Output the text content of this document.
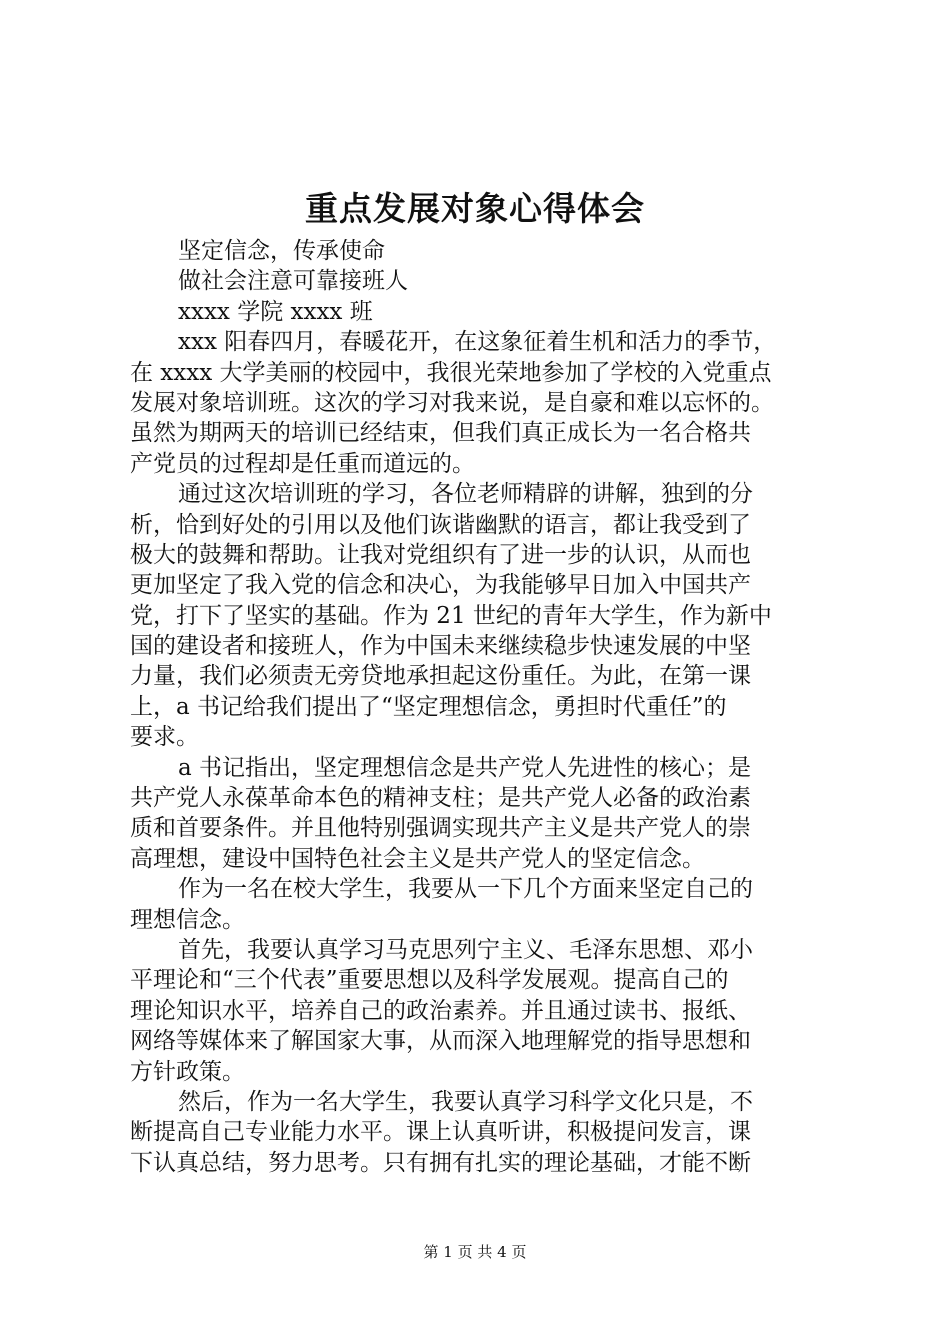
重点发展对象心得体会
坚定信念，传承使命
做社会注意可靠接班人
xxxx 学院 xxxx 班
xxx 阳春四月，春暖花开，在这象征着生机和活力的季节，
在 xxxx 大学美丽的校园中，我很光荣地参加了学校的入党重点
发展对象培训班。这次的学习对我来说，是自豪和难以忘怀的。
虽然为期两天的培训已经结束，但我们真正成长为一名合格共
产党员的过程却是任重而道远的。
通过这次培训班的学习，各位老师精辟的讲解，独到的分
析，恰到好处的引用以及他们诙谐幽默的语言，都让我受到了
极大的鼓舞和帮助。让我对党组织有了进一步的认识，从而也
更加坚定了我入党的信念和决心，为我能够早日加入中国共产
党，打下了坚实的基础。作为 21 世纪的青年大学生，作为新中
国的建设者和接班人，作为中国未来继续稳步快速发展的中坚
力量，我们必须责无旁贷地承担起这份重任。为此，在第一课
上，a 书记给我们提出了“坚定理想信念，勇担时代重任”的
要求。
a 书记指出，坚定理想信念是共产党人先进性的核心；是
共产党人永葆革命本色的精神支柱；是共产党人必备的政治素
质和首要条件。并且他特别强调实现共产主义是共产党人的崇
高理想，建设中国特色社会主义是共产党人的坚定信念。
作为一名在校大学生，我要从一下几个方面来坚定自己的
理想信念。
首先，我要认真学习马克思列宁主义、毛泽东思想、邓小
平理论和“三个代表”重要思想以及科学发展观。提高自己的
理论知识水平，培养自己的政治素养。并且通过读书、报纸、
网络等媒体来了解国家大事，从而深入地理解党的指导思想和
方针政策。
然后，作为一名大学生，我要认真学习科学文化只是，不
断提高自己专业能力水平。课上认真听讲，积极提问发言，课
下认真总结，努力思考。只有拥有扎实的理论基础，才能不断
第 1 页 共 4 页
